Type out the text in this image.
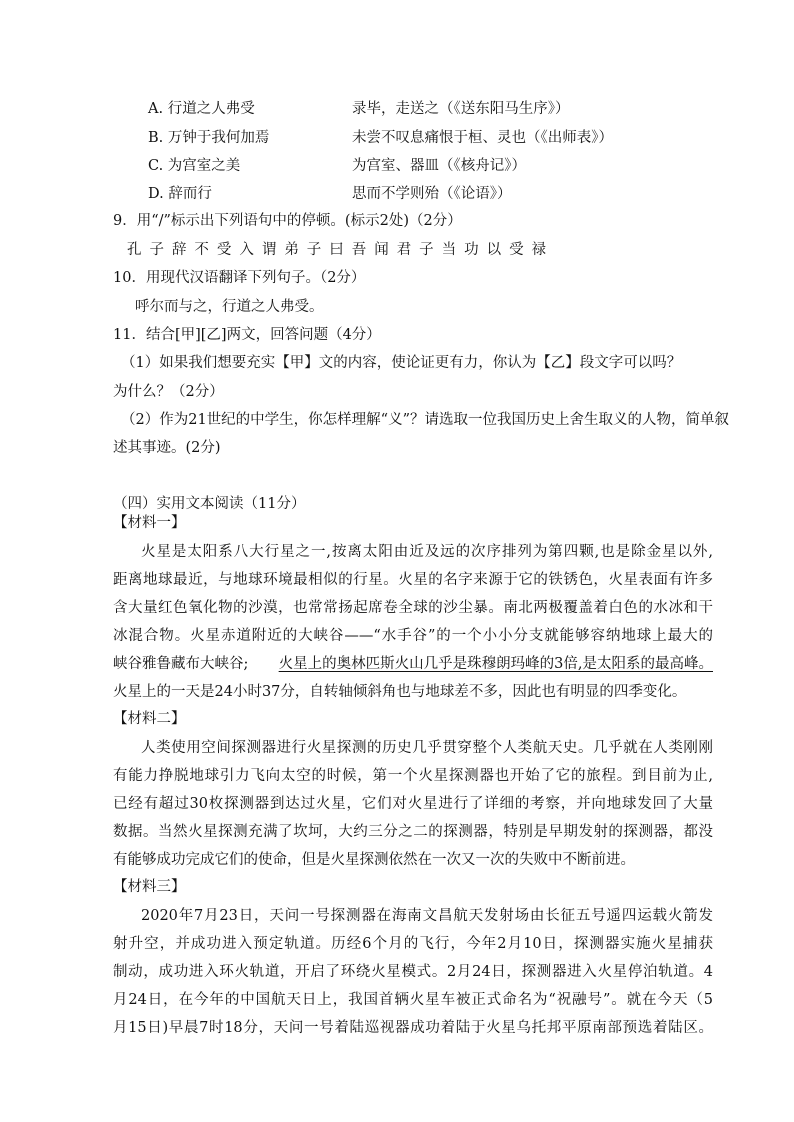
A. 行道之人弗受	录毕，走送之（《送东阳马生序》）
B. 万钟于我何加焉	未尝不叹息痛恨于桓、灵也（《出师表》）
C. 为宫室之美	为宫室、器皿（《核舟记》）
D. 辞而行	思而不学则殆（《论语》）
9．用“/”标示出下列语句中的停顿。(标示2处)（2分）
孔子辞不受入谓弟子曰吾闻君子当功以受禄
10．用现代汉语翻译下列句子。（2分）
呼尔而与之，行道之人弗受。
11．结合[甲][乙]两文，回答问题（4分）
（1）如果我们想要充实【甲】文的内容，使论证更有力，你认为【乙】段文字可以吗？
为什么？（2分）
（2）作为21世纪的中学生，你怎样理解“义”？请选取一位我国历史上舍生取义的人物，简单叙
述其事迹。(2分)
（四）实用文本阅读（11分）
【材料一】
火星是太阳系八大行星之一,按离太阳由近及远的次序排列为第四颗,也是除金星以外,
距离地球最近，与地球环境最相似的行星。火星的名字来源于它的铁锈色，火星表面有许多
含大量红色氧化物的沙漠，也常常扬起席卷全球的沙尘暴。南北两极覆盖着白色的水冰和干
冰混合物。火星赤道附近的大峡谷——“水手谷”的一个小小分支就能够容纳地球上最大的
峡谷雅鲁藏布大峡谷; 火星上的奥林匹斯火山几乎是珠穆朗玛峰的3倍,是太阳系的最高峰。
火星上的一天是24小时37分，自转轴倾斜角也与地球差不多，因此也有明显的四季变化。
【材料二】
人类使用空间探测器进行火星探测的历史几乎贯穿整个人类航天史。几乎就在人类刚刚
有能力挣脱地球引力飞向太空的时候，第一个火星探测器也开始了它的旅程。到目前为止,
已经有超过30枚探测器到达过火星，它们对火星进行了详细的考察，并向地球发回了大量
数据。当然火星探测充满了坎坷，大约三分之二的探测器，特别是早期发射的探测器，都没
有能够成功完成它们的使命，但是火星探测依然在一次又一次的失败中不断前进。
【材料三】
2020年7月23日，天问一号探测器在海南文昌航天发射场由长征五号遥四运载火箭发
射升空，并成功进入预定轨道。历经6个月的飞行，今年2月10日，探测器实施火星捕获
制动，成功进入环火轨道，开启了环绕火星模式。2月24日，探测器进入火星停泊轨道。4
月24日，在今年的中国航天日上，我国首辆火星车被正式命名为“祝融号”。就在今天（5
月15日)早晨7时18分，天问一号着陆巡视器成功着陆于火星乌托邦平原南部预选着陆区。
